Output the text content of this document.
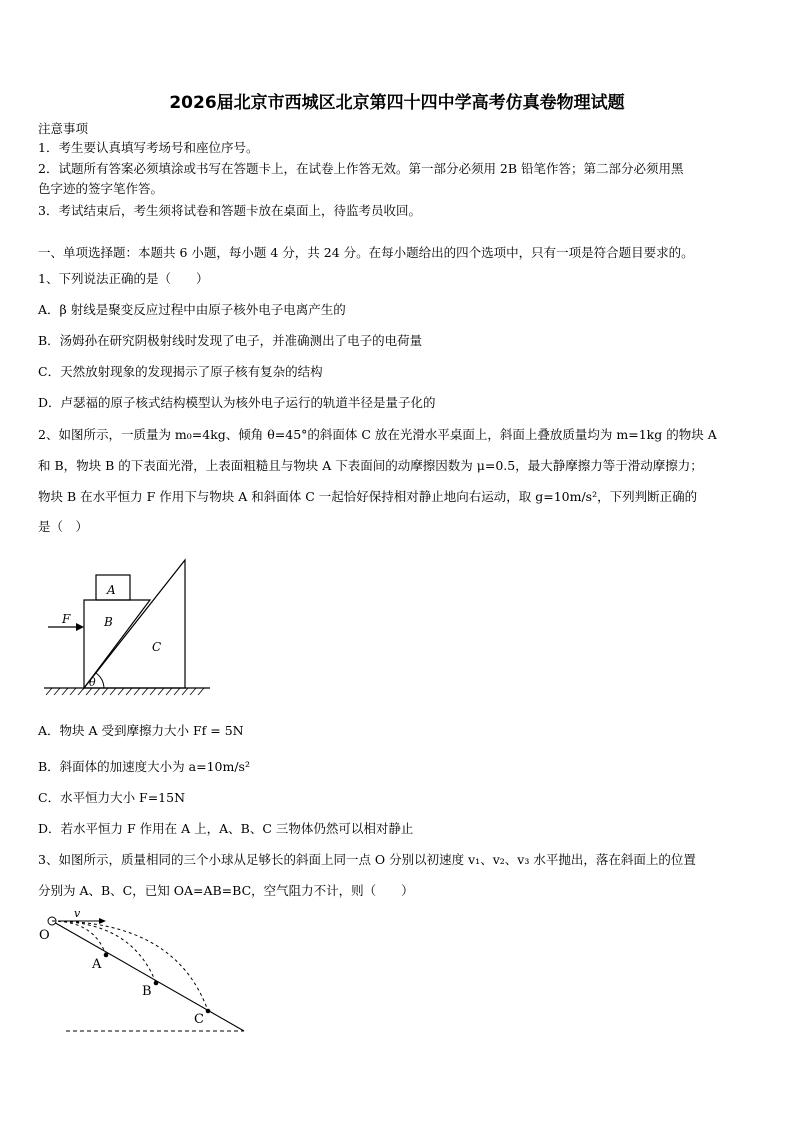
2026届北京市西城区北京第四十四中学高考仿真卷物理试题
注意事项
1．考生要认真填写考场号和座位序号。
2．试题所有答案必须填涂或书写在答题卡上，在试卷上作答无效。第一部分必须用 2B 铅笔作答；第二部分必须用黑
色字迹的签字笔作答。
3．考试结束后，考生须将试卷和答题卡放在桌面上，待监考员收回。
一、单项选择题：本题共 6 小题，每小题 4 分，共 24 分。在每小题给出的四个选项中，只有一项是符合题目要求的。
1、下列说法正确的是（　　）
A．β 射线是聚变反应过程中由原子核外电子电离产生的
B．汤姆孙在研究阴极射线时发现了电子，并准确测出了电子的电荷量
C．天然放射现象的发现揭示了原子核有复杂的结构
D．卢瑟福的原子核式结构模型认为核外电子运行的轨道半径是量子化的
2、如图所示，一质量为 m₀=4kg、倾角 θ=45°的斜面体 C 放在光滑水平桌面上，斜面上叠放质量均为 m=1kg 的物块 A
和 B，物块 B 的下表面光滑，上表面粗糙且与物块 A 下表面间的动摩擦因数为 μ=0.5，最大静摩擦力等于滑动摩擦力；
物块 B 在水平恒力 F 作用下与物块 A 和斜面体 C 一起恰好保持相对静止地向右运动，取 g=10m/s²，下列判断正确的
是（　）
A
B
C
F
θ
A．物块 A 受到摩擦力大小 Ff = 5N
B．斜面体的加速度大小为 a=10m/s²
C．水平恒力大小 F=15N
D．若水平恒力 F 作用在 A 上，A、B、C 三物体仍然可以相对静止
3、如图所示，质量相同的三个小球从足够长的斜面上同一点 O 分别以初速度 v₁、v₂、v₃ 水平抛出，落在斜面上的位置
分别为 A、B、C，已知 OA=AB=BC，空气阻力不计，则（　　）
O
A
B
C
v
